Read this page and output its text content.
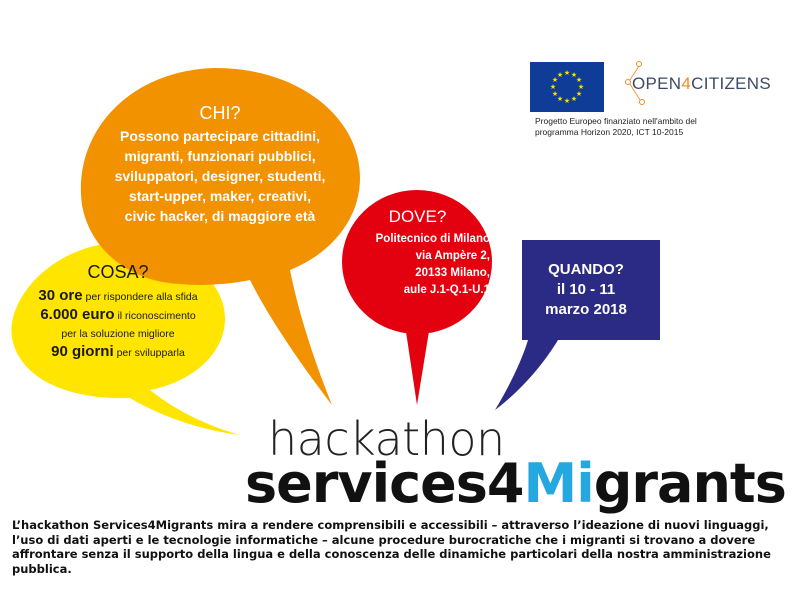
★ ★
★
★
★
★
★
★
★
★
★
★	OPEN4CITIZENS
Progetto Europeo finanziato nell'ambito del
programma Horizon 2020, ICT 10-2015
CHI?
Possono partecipare cittadini,
migranti, funzionari pubblici,
sviluppatori, designer, studenti,
start-upper, maker, creativi,
civic hacker, di maggiore età
COSA?
30 ore per rispondere alla sfida
6.000 euro il riconoscimento
per la soluzione migliore
90 giorni per svilupparla
DOVE?
Politecnico di Milano
via Ampère 2,
20133 Milano,
aule J.1-Q.1-U.1
QUANDO?
il 10 - 11
marzo 2018
hackathon
services4Migrants
L’hackathon Services4Migrants mira a rendere comprensibili e accessibili – attraverso l’ideazione di nuovi linguaggi, l’uso di dati aperti e le tecnologie informatiche – alcune procedure burocratiche che i migranti si trovano a dovere affrontare senza il supporto della lingua e della conoscenza delle dinamiche particolari della nostra amministrazione pubblica.
